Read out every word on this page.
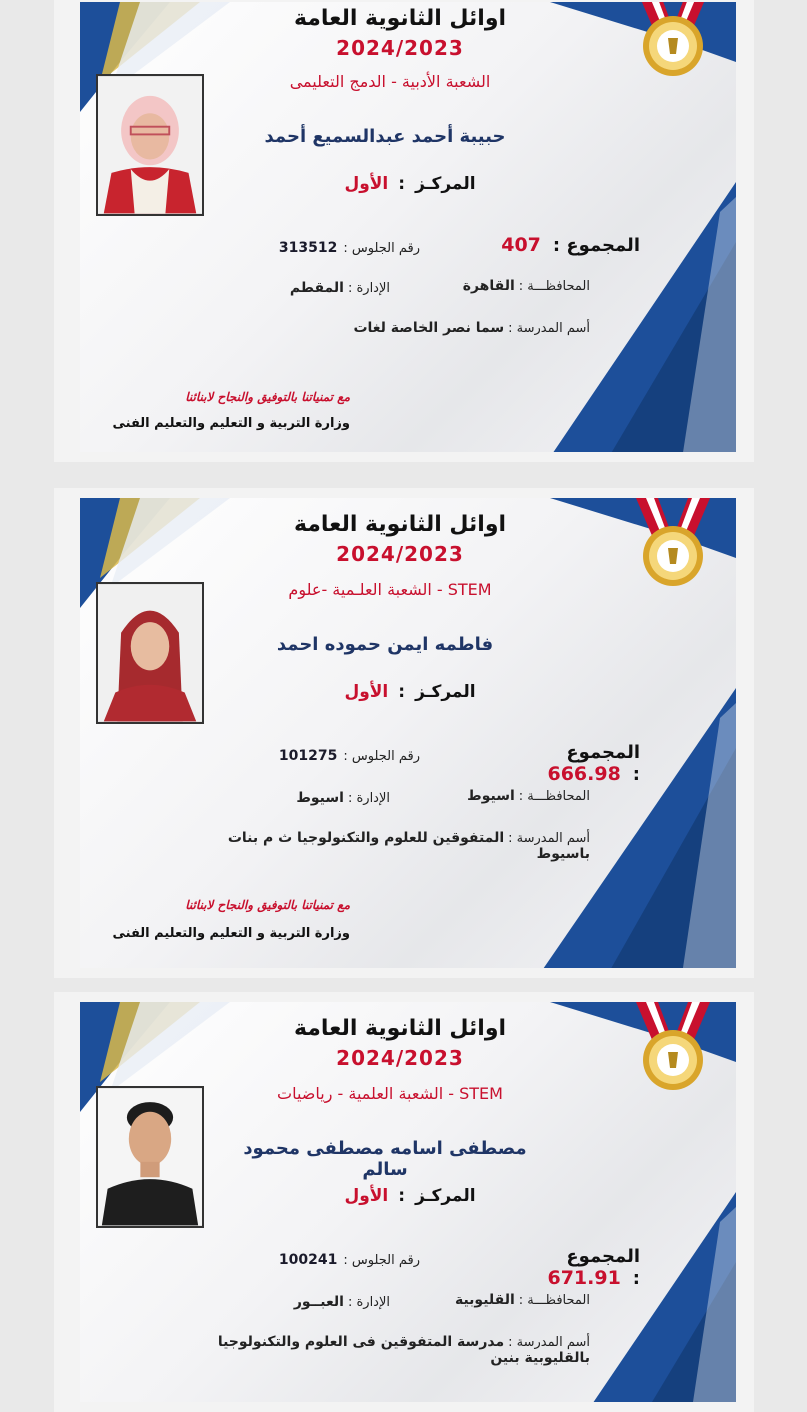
اوائل الثانوية العامة
2024/2023
الشعبة الأدبية - الدمج التعليمى
حبيبة أحمد عبدالسميع أحمد
المركـز:الأول
المجموع :407
رقم الجلوس :313512
المحافظـــة :القاهرة
الإدارة :المقطم
أسم المدرسة :سما نصر الخاصة لغات
مع تمنياتنا بالتوفيق والنجاح لابنائنا
وزارة التربية و التعليم والتعليم الفنى
اوائل الثانوية العامة
2024/2023
الشعبة العلـمية -علوم - STEM
فاطمه ايمن حموده احمد
المركـز:الأول
المجموع :666.98
رقم الجلوس :101275
المحافظـــة :اسيوط
الإدارة :اسيوط
أسم المدرسة :المتفوقين للعلوم والتكنولوجيا ث م بنات باسيوط
مع تمنياتنا بالتوفيق والنجاح لابنائنا
وزارة التربية و التعليم والتعليم الفنى
اوائل الثانوية العامة
2024/2023
الشعبة العلمية - رياضيات - STEM
مصطفى اسامه مصطفى محمود سالم
المركـز:الأول
المجموع :671.91
رقم الجلوس :100241
المحافظـــة :القليوبية
الإدارة :العبــور
أسم المدرسة :مدرسة المتفوقين فى العلوم والتكنولوجيا بالقليوبية بنين
